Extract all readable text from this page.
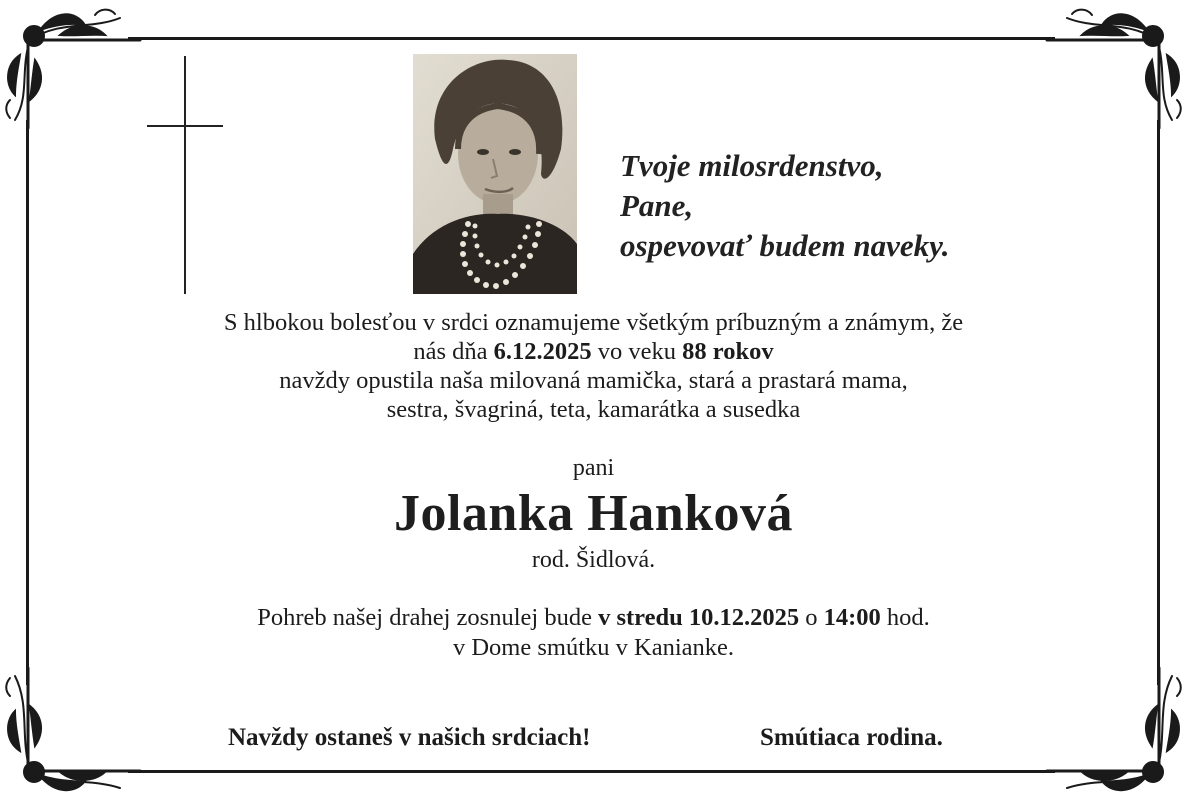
Tvoje milosrdenstvo,
Pane,
ospevovať budem naveky.
S hlbokou bolesťou v srdci oznamujeme všetkým príbuzným a známym, že
nás dňa 6.12.2025 vo veku 88 rokov
navždy opustila naša milovaná mamička, stará a prastará mama,
sestra, švagriná, teta, kamarátka a susedka
pani
Jolanka Hanková
rod. Šidlová.
Pohreb našej drahej zosnulej bude v stredu 10.12.2025 o 14:00 hod.
v Dome smútku v Kanianke.
Navždy ostaneš v našich srdciach!	Smútiaca rodina.
